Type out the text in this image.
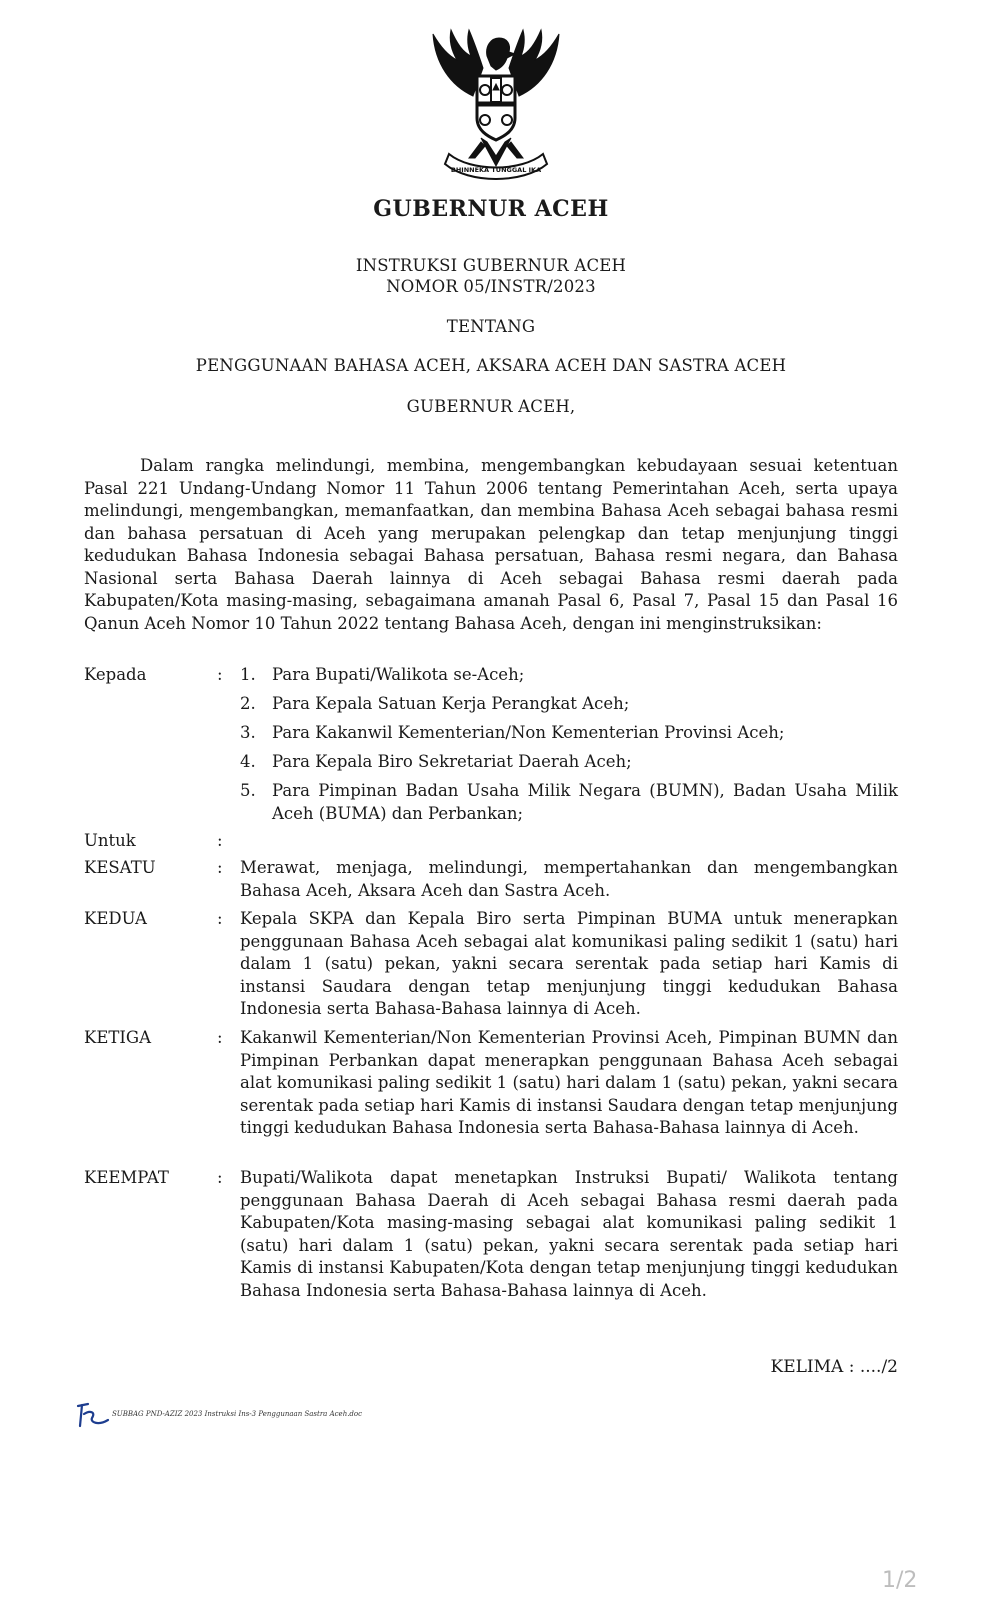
BHINNEKA TUNGGAL IKA
GUBERNUR ACEH
INSTRUKSI GUBERNUR ACEH
NOMOR 05/INSTR/2023
TENTANG
PENGGUNAAN BAHASA ACEH, AKSARA ACEH DAN SASTRA ACEH
GUBERNUR ACEH,
Dalam rangka melindungi, membina, mengembangkan kebudayaan sesuai ketentuan Pasal 221 Undang-Undang Nomor 11 Tahun 2006 tentang Pemerintahan Aceh, serta upaya melindungi, mengembangkan, memanfaatkan, dan membina Bahasa Aceh sebagai bahasa resmi dan bahasa persatuan di Aceh yang merupakan pelengkap dan tetap menjunjung tinggi kedudukan Bahasa Indonesia sebagai Bahasa persatuan, Bahasa resmi negara, dan Bahasa Nasional serta Bahasa Daerah lainnya di Aceh sebagai Bahasa resmi daerah pada Kabupaten/Kota masing-masing, sebagaimana amanah Pasal 6, Pasal 7, Pasal 15 dan Pasal 16 Qanun Aceh Nomor 10 Tahun 2022 tentang Bahasa Aceh, dengan ini menginstruksikan:
Kepada	: 1. Para Bupati/Walikota se-Aceh;
2. Para Kepala Satuan Kerja Perangkat Aceh;
3. Para Kakanwil Kementerian/Non Kementerian Provinsi Aceh;
4. Para Kepala Biro Sekretariat Daerah Aceh;
5. Para Pimpinan Badan Usaha Milik Negara (BUMN), Badan Usaha Milik Aceh (BUMA) dan Perbankan;
Untuk	:
KESATU	: Merawat, menjaga, melindungi, mempertahankan dan mengembangkan Bahasa Aceh, Aksara Aceh dan Sastra Aceh.
KEDUA	: Kepala SKPA dan Kepala Biro serta Pimpinan BUMA untuk menerapkan penggunaan Bahasa Aceh sebagai alat komunikasi paling sedikit 1 (satu) hari dalam 1 (satu) pekan, yakni secara serentak pada setiap hari Kamis di instansi Saudara dengan tetap menjunjung tinggi kedudukan Bahasa Indonesia serta Bahasa-Bahasa lainnya di Aceh.
KETIGA	: Kakanwil Kementerian/Non Kementerian Provinsi Aceh, Pimpinan BUMN dan Pimpinan Perbankan dapat menerapkan penggunaan Bahasa Aceh sebagai alat komunikasi paling sedikit 1 (satu) hari dalam 1 (satu) pekan, yakni secara serentak pada setiap hari Kamis di instansi Saudara dengan tetap menjunjung tinggi kedudukan Bahasa Indonesia serta Bahasa-Bahasa lainnya di Aceh.
KEEMPAT	: Bupati/Walikota dapat menetapkan Instruksi Bupati/ Walikota tentang penggunaan Bahasa Daerah di Aceh sebagai Bahasa resmi daerah pada Kabupaten/Kota masing-masing sebagai alat komunikasi paling sedikit 1 (satu) hari dalam 1 (satu) pekan, yakni secara serentak pada setiap hari Kamis di instansi Kabupaten/Kota dengan tetap menjunjung tinggi kedudukan Bahasa Indonesia serta Bahasa-Bahasa lainnya di Aceh.
KELIMA : ..../2
SUBBAG PND-AZIZ 2023 Instruksi Ins-3 Penggunaan Sastra Aceh.doc
1/2
